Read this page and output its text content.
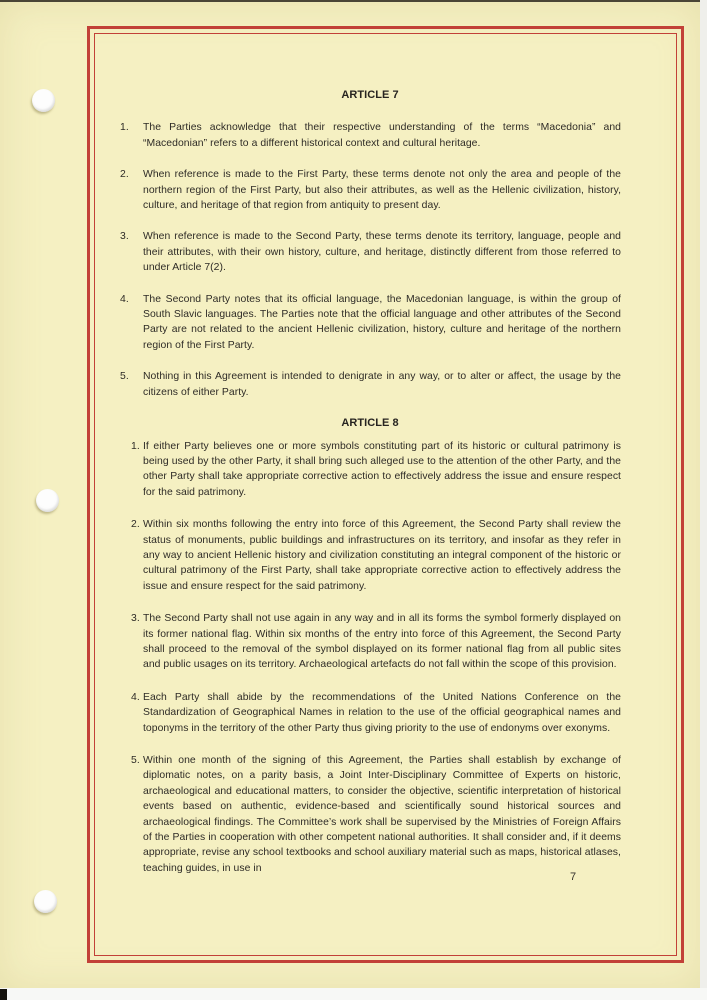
ARTICLE 7
1. The Parties acknowledge that their respective understanding of the terms “Macedonia” and “Macedonian” refers to a different historical context and cultural heritage.
2. When reference is made to the First Party, these terms denote not only the area and people of the northern region of the First Party, but also their attributes, as well as the Hellenic civilization, history, culture, and heritage of that region from antiquity to present day.
3. When reference is made to the Second Party, these terms denote its territory, language, people and their attributes, with their own history, culture, and heritage, distinctly different from those referred to under Article 7(2).
4. The Second Party notes that its official language, the Macedonian language, is within the group of South Slavic languages. The Parties note that the official language and other attributes of the Second Party are not related to the ancient Hellenic civilization, history, culture and heritage of the northern region of the First Party.
5. Nothing in this Agreement is intended to denigrate in any way, or to alter or affect, the usage by the citizens of either Party.
ARTICLE 8
1. If either Party believes one or more symbols constituting part of its historic or cultural patrimony is being used by the other Party, it shall bring such alleged use to the attention of the other Party, and the other Party shall take appropriate corrective action to effectively address the issue and ensure respect for the said patrimony.
2. Within six months following the entry into force of this Agreement, the Second Party shall review the status of monuments, public buildings and infrastructures on its territory, and insofar as they refer in any way to ancient Hellenic history and civilization constituting an integral component of the historic or cultural patrimony of the First Party, shall take appropriate corrective action to effectively address the issue and ensure respect for the said patrimony.
3. The Second Party shall not use again in any way and in all its forms the symbol formerly displayed on its former national flag. Within six months of the entry into force of this Agreement, the Second Party shall proceed to the removal of the symbol displayed on its former national flag from all public sites and public usages on its territory. Archaeological artefacts do not fall within the scope of this provision.
4. Each Party shall abide by the recommendations of the United Nations Conference on the Standardization of Geographical Names in relation to the use of the official geographical names and toponyms in the territory of the other Party thus giving priority to the use of endonyms over exonyms.
5. Within one month of the signing of this Agreement, the Parties shall establish by exchange of diplomatic notes, on a parity basis, a Joint Inter-Disciplinary Committee of Experts on historic, archaeological and educational matters, to consider the objective, scientific interpretation of historical events based on authentic, evidence-based and scientifically sound historical sources and archaeological findings. The Committee’s work shall be supervised by the Ministries of Foreign Affairs of the Parties in cooperation with other competent national authorities. It shall consider and, if it deems appropriate, revise any school textbooks and school auxiliary material such as maps, historical atlases, teaching guides, in use in
7
